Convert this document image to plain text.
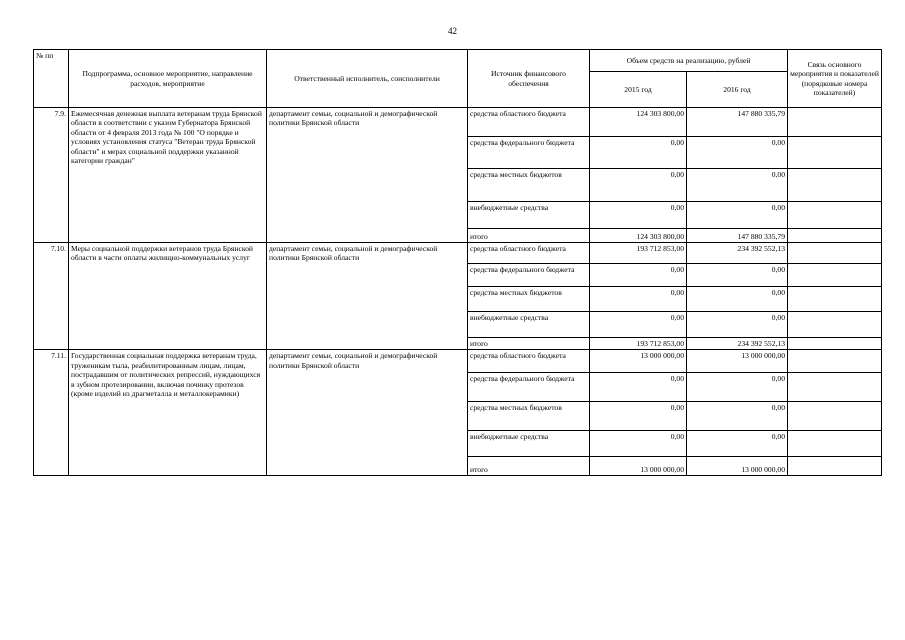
42
№ пп	Подпрограмма, основное мероприятие, направление расходов, мероприятие	Ответственный исполнитель, соисполнители	Источник финансового обеспечения	Объем средств на реализацию, рублей		Связь основного мероприятия и показателей (порядковые номера показателей)
				2015 год	2016 год	
7.9.	Ежемесячная денежная выплата ветеранам труда Брянской области в соответствии с указом Губернатора Брянской области от 4 февраля 2013 года № 100 "О порядке и условиях установления статуса "Ветеран труда Брянской области" и мерах социальной поддержки указанной категории граждан"	департамент семьи, социальной и демографической политики Брянской области	средства областного бюджета	124 303 800,00	147 880 335,79	
			средства федерального бюджета	0,00	0,00	
			средства местных бюджетов	0,00	0,00	
			внебюджетные средства	0,00	0,00	
			итого	124 303 800,00	147 880 335,79	
7.10.	Меры социальной поддержки ветеранов труда Брянской области в части оплаты жилищно-коммунальных услуг	департамент семьи, социальной и демографической политики Брянской области	средства областного бюджета	193 712 853,00	234 392 552,13	
			средства федерального бюджета	0,00	0,00	
			средства местных бюджетов	0,00	0,00	
			внебюджетные средства	0,00	0,00	
			итого	193 712 853,00	234 392 552,13	
7.11.	Государственная социальная поддержка ветеранам труда, труженикам тыла, реабилитированным лицам, лицам, пострадавшим от политических репрессий, нуждающихся в зубном протезировании, включая починку протезов (кроме изделий из драгметалла и металлокерамики)	департамент семьи, социальной и демографической политики Брянской области	средства областного бюджета	13 000 000,00	13 000 000,00	
			средства федерального бюджета	0,00	0,00	
			средства местных бюджетов	0,00	0,00	
			внебюджетные средства	0,00	0,00	
			итого	13 000 000,00	13 000 000,00	
